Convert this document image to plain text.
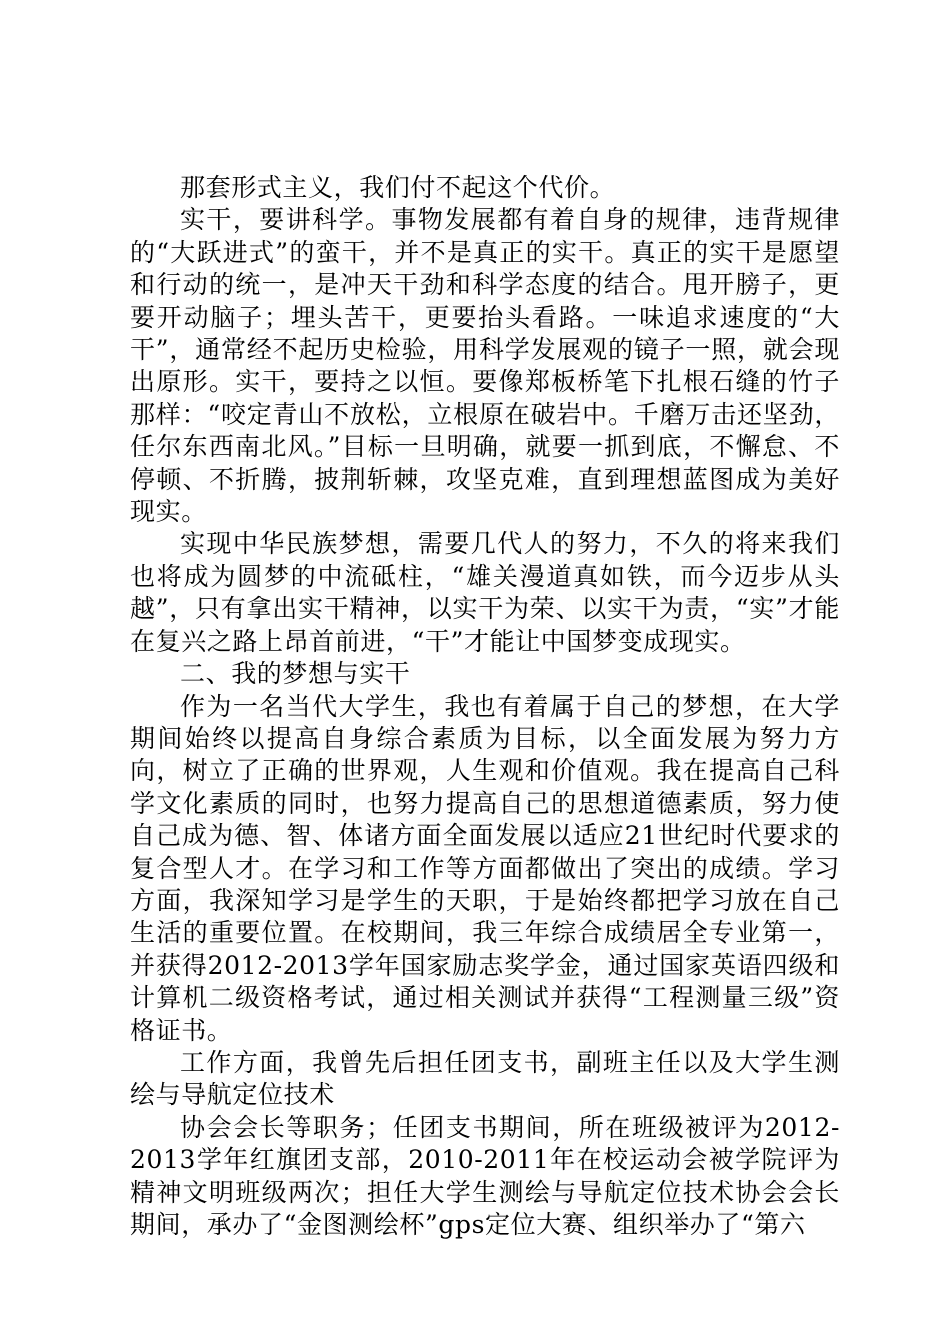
那套形式主义，我们付不起这个代价。

实干，要讲科学。事物发展都有着自身的规律，违背规律的“大跃进式”的蛮干，并不是真正的实干。真正的实干是愿望和行动的统一，是冲天干劲和科学态度的结合。甩开膀子，更要开动脑子；埋头苦干，更要抬头看路。一味追求速度的“大干”，通常经不起历史检验，用科学发展观的镜子一照，就会现出原形。实干，要持之以恒。要像郑板桥笔下扎根石缝的竹子那样：“咬定青山不放松，立根原在破岩中。千磨万击还坚劲，任尔东西南北风。”目标一旦明确，就要一抓到底，不懈怠、不停顿、不折腾，披荆斩棘，攻坚克难，直到理想蓝图成为美好现实。

实现中华民族梦想，需要几代人的努力，不久的将来我们也将成为圆梦的中流砥柱，“雄关漫道真如铁，而今迈步从头越”，只有拿出实干精神，以实干为荣、以实干为责，“实”才能在复兴之路上昂首前进，“干”才能让中国梦变成现实。

二、我的梦想与实干

作为一名当代大学生，我也有着属于自己的梦想，在大学期间始终以提高自身综合素质为目标，以全面发展为努力方向，树立了正确的世界观，人生观和价值观。我在提高自己科学文化素质的同时，也努力提高自己的思想道德素质，努力使自己成为德、智、体诸方面全面发展以适应21世纪时代要求的复合型人才。在学习和工作等方面都做出了突出的成绩。学习方面，我深知学习是学生的天职，于是始终都把学习放在自己生活的重要位置。在校期间，我三年综合成绩居全专业第一，并获得2012-2013学年国家励志奖学金，通过国家英语四级和计算机二级资格考试，通过相关测试并获得“工程测量三级”资格证书。

工作方面，我曾先后担任团支书，副班主任以及大学生测绘与导航定位技术

协会会长等职务；任团支书期间，所在班级被评为2012-2013学年红旗团支部，2010-2011年在校运动会被学院评为精神文明班级两次；担任大学生测绘与导航定位技术协会会长期间，承办了“金图测绘杯”gps定位大赛、组织举办了“第六
